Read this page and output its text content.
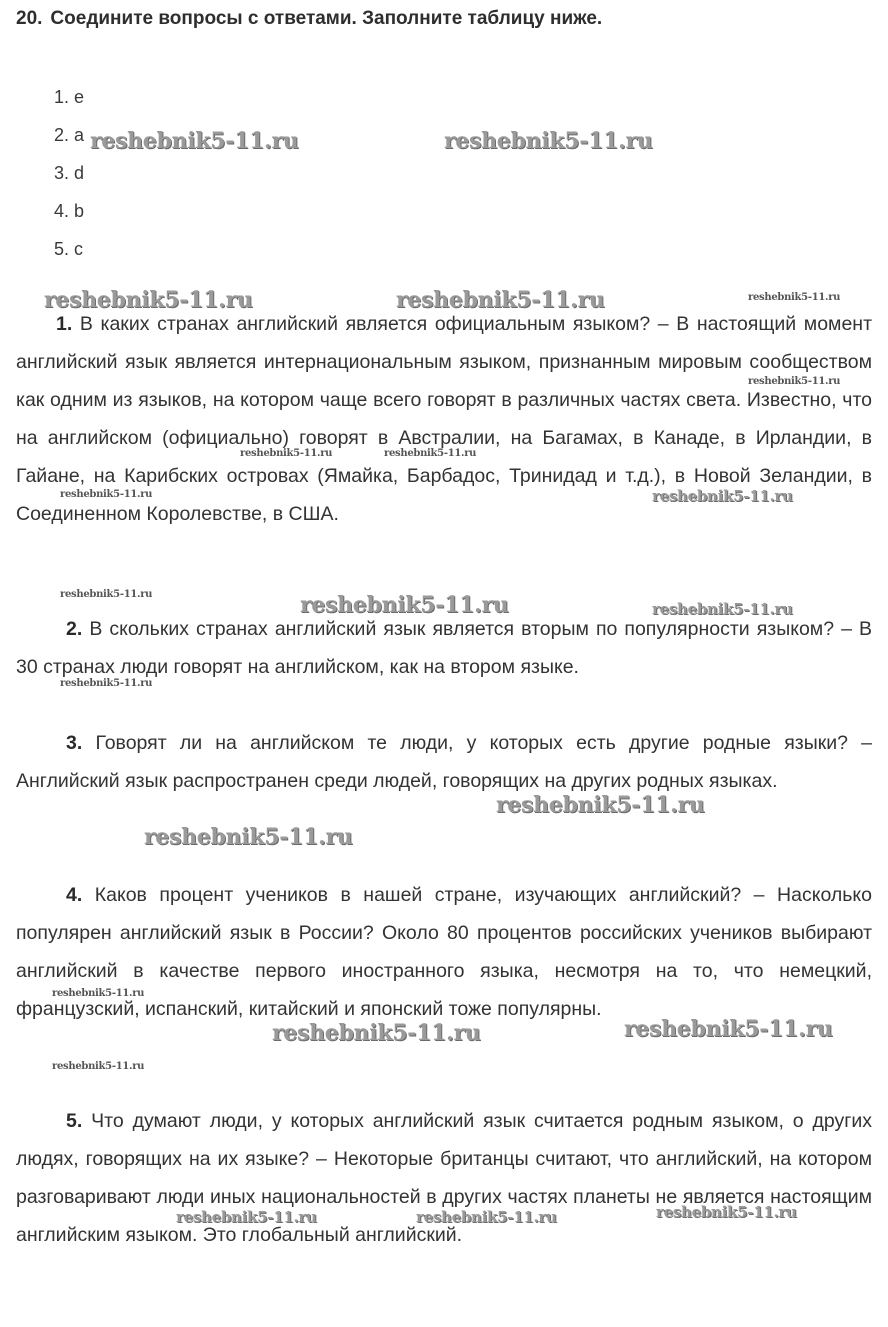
20. Соедините вопросы с ответами. Заполните таблицу ниже.
1. e
2. a
3. d
4. b
5. c
1. В каких странах английский является официальным языком? – В настоящий момент английский язык является интернациональным языком, признанным мировым сообществом как одним из языков, на котором чаще всего говорят в различных частях света. Известно, что на английском (официально) говорят в Австралии, на Багамах, в Канаде, в Ирландии, в Гайане, на Карибских островах (Ямайка, Барбадос, Тринидад и т.д.), в Новой Зеландии, в Соединенном Королевстве, в США.
2. В скольких странах английский язык является вторым по популярности языком? – В 30 странах люди говорят на английском, как на втором языке.
3. Говорят ли на английском те люди, у которых есть другие родные языки? – Английский язык распространен среди людей, говорящих на других родных языках.
4. Каков процент учеников в нашей стране, изучающих английский? – Насколько популярен английский язык в России? Около 80 процентов российских учеников выбирают английский в качестве первого иностранного языка, несмотря на то, что немецкий, французский, испанский, китайский и японский тоже популярны.
5. Что думают люди, у которых английский язык считается родным языком, о других людях, говорящих на их языке? – Некоторые британцы считают, что английский, на котором разговаривают люди иных национальностей в других частях планеты не является настоящим английским языком. Это глобальный английский.
reshebnik5-11.ru	reshebnik5-11.ru
reshebnik5-11.ru	reshebnik5-11.ru	reshebnik5-11.ru
reshebnik5-11.ru
reshebnik5-11.ru
reshebnik5-11.ru	reshebnik5-11.ru
reshebnik5-11.ru
reshebnik5-11.ru	reshebnik5-11.ru	reshebnik5-11.ru
reshebnik5-11.ru
reshebnik5-11.ru
reshebnik5-11.ru
reshebnik5-11.ru
reshebnik5-11.ru	reshebnik5-11.ru
reshebnik5-11.ru
reshebnik5-11.ru	reshebnik5-11.ru	reshebnik5-11.ru
